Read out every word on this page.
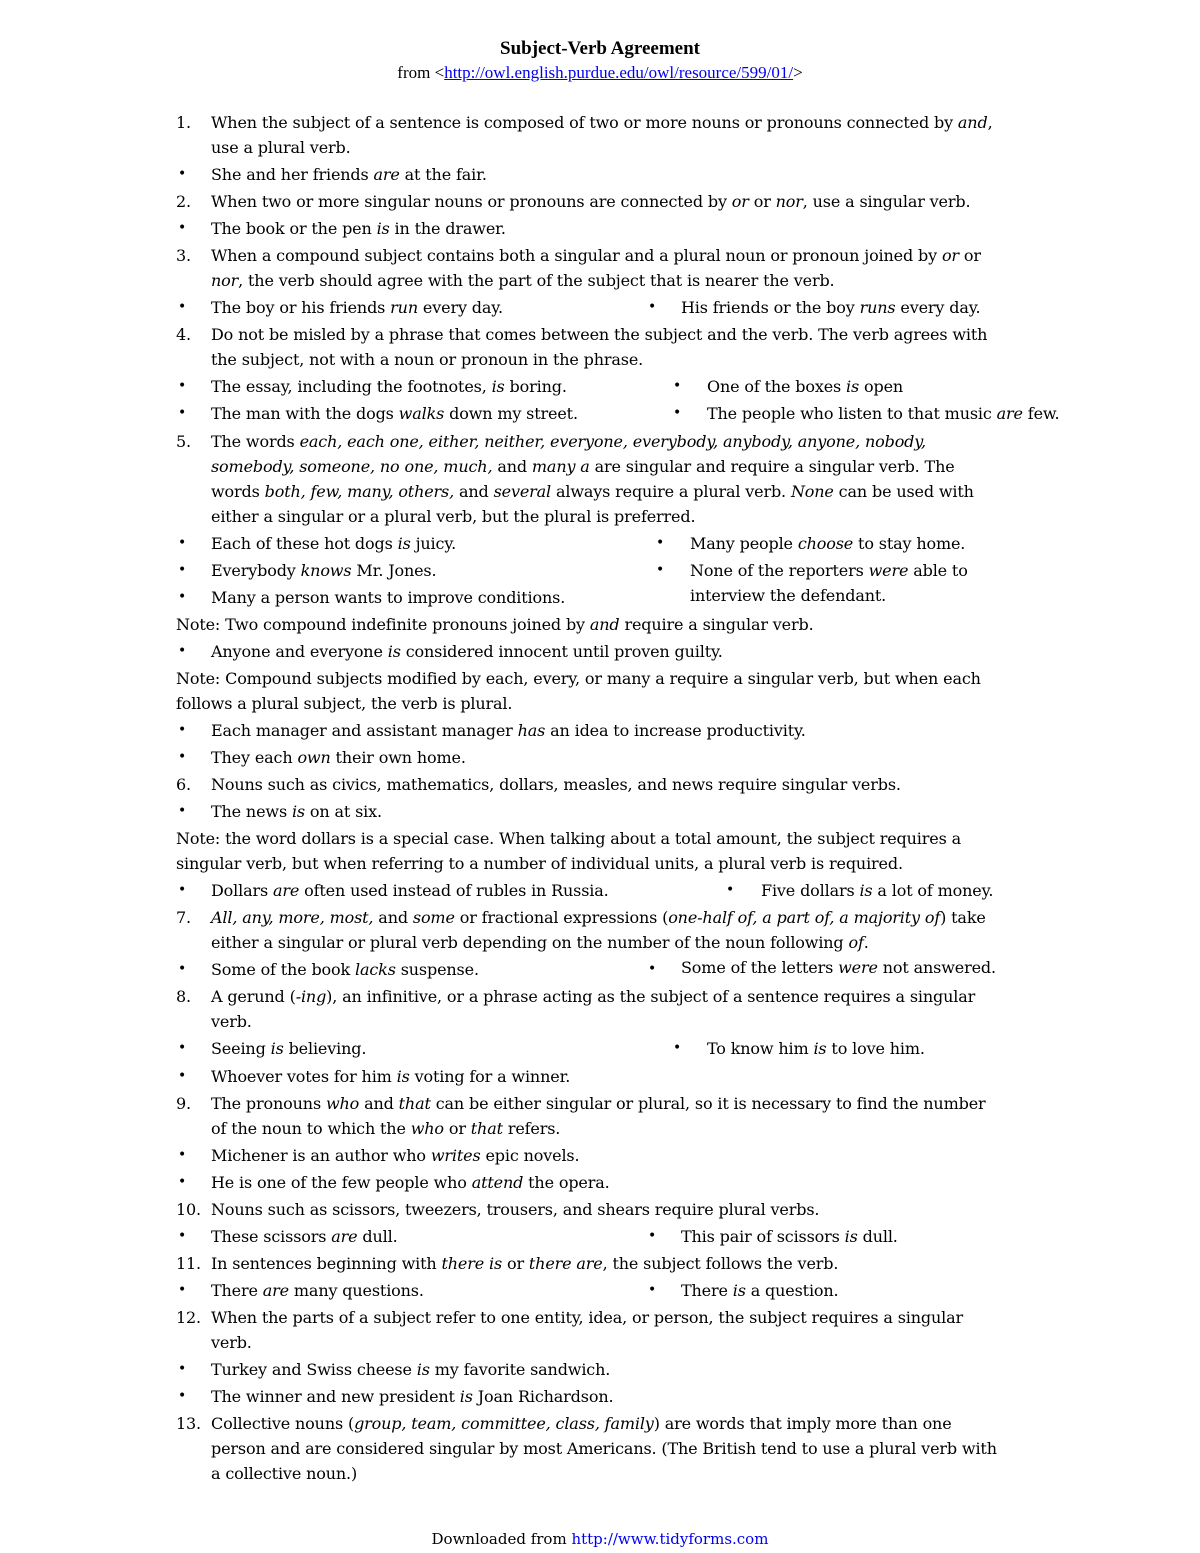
Subject-Verb Agreement
from <http://owl.english.purdue.edu/owl/resource/599/01/>
1.	When the subject of a sentence is composed of two or more nouns or pronouns connected by and,
use a plural verb.
•	She and her friends are at the fair.
2.	When two or more singular nouns or pronouns are connected by or or nor, use a singular verb.
•	The book or the pen is in the drawer.
3.	When a compound subject contains both a singular and a plural noun or pronoun joined by or or
nor, the verb should agree with the part of the subject that is nearer the verb.
•	The boy or his friends run every day.	• His friends or the boy runs every day.
4.	Do not be misled by a phrase that comes between the subject and the verb. The verb agrees with
the subject, not with a noun or pronoun in the phrase.
•	The essay, including the footnotes, is boring.	• One of the boxes is open
•	The man with the dogs walks down my street.	• The people who listen to that music are few.
5.	The words each, each one, either, neither, everyone, everybody, anybody, anyone, nobody,
somebody, someone, no one, much, and many a are singular and require a singular verb. The
words both, few, many, others, and several always require a plural verb. None can be used with
either a singular or a plural verb, but the plural is preferred.
•	Each of these hot dogs is juicy.	• Many people choose to stay home.
•	Everybody knows Mr. Jones.	• None of the reporters were able to
•	Many a person wants to improve conditions.	interview the defendant.
Note: Two compound indefinite pronouns joined by and require a singular verb.
•	Anyone and everyone is considered innocent until proven guilty.
Note: Compound subjects modified by each, every, or many a require a singular verb, but when each
follows a plural subject, the verb is plural.
•	Each manager and assistant manager has an idea to increase productivity.
•	They each own their own home.
6.	Nouns such as civics, mathematics, dollars, measles, and news require singular verbs.
•	The news is on at six.
Note: the word dollars is a special case. When talking about a total amount, the subject requires a
singular verb, but when referring to a number of individual units, a plural verb is required.
•	Dollars are often used instead of rubles in Russia.	• Five dollars is a lot of money.
7.	All, any, more, most, and some or fractional expressions (one-half of, a part of, a majority of) take
either a singular or plural verb depending on the number of the noun following of.
•	Some of the book lacks suspense.	• Some of the letters were not answered.
8.	A gerund (-ing), an infinitive, or a phrase acting as the subject of a sentence requires a singular
verb.
•	Seeing is believing.	• To know him is to love him.
•	Whoever votes for him is voting for a winner.
9.	The pronouns who and that can be either singular or plural, so it is necessary to find the number
of the noun to which the who or that refers.
•	Michener is an author who writes epic novels.
•	He is one of the few people who attend the opera.
10. Nouns such as scissors, tweezers, trousers, and shears require plural verbs.
•	These scissors are dull.	• This pair of scissors is dull.
11. In sentences beginning with there is or there are, the subject follows the verb.
•	There are many questions.	• There is a question.
12. When the parts of a subject refer to one entity, idea, or person, the subject requires a singular
verb.
•	Turkey and Swiss cheese is my favorite sandwich.
•	The winner and new president is Joan Richardson.
13. Collective nouns (group, team, committee, class, family) are words that imply more than one
person and are considered singular by most Americans. (The British tend to use a plural verb with
a collective noun.)
Downloaded from http://www.tidyforms.com
